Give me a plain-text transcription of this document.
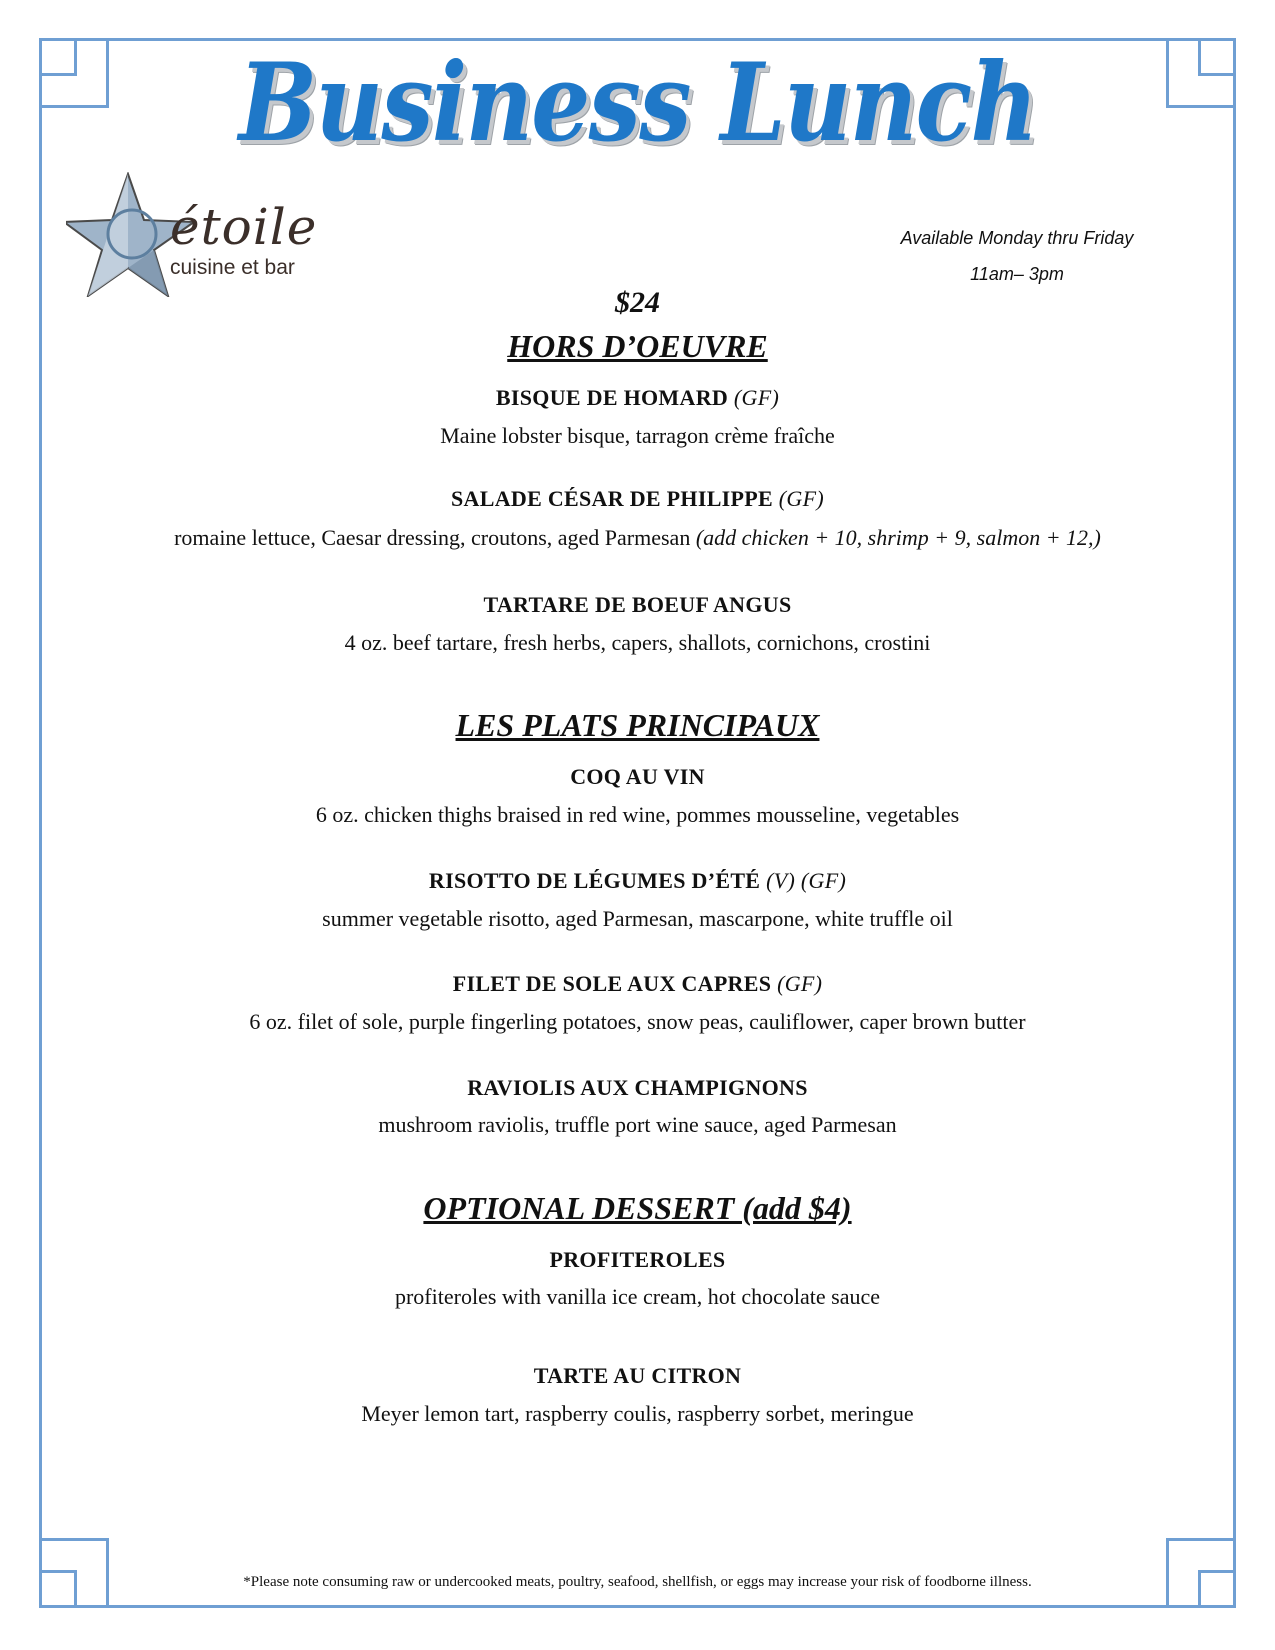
Business Lunch
étoile
cuisine et bar
Available Monday thru Friday
11am– 3pm
$24
HORS D’OEUVRE
BISQUE DE HOMARD (GF)
Maine lobster bisque, tarragon crème fraîche
SALADE CÉSAR DE PHILIPPE (GF)
romaine lettuce, Caesar dressing, croutons, aged Parmesan (add chicken + 10, shrimp + 9, salmon + 12,)
TARTARE DE BOEUF ANGUS
4 oz. beef tartare, fresh herbs, capers, shallots, cornichons, crostini
LES PLATS PRINCIPAUX
COQ AU VIN
6 oz. chicken thighs braised in red wine, pommes mousseline, vegetables
RISOTTO DE LÉGUMES D’ÉTÉ (V) (GF)
summer vegetable risotto, aged Parmesan, mascarpone, white truffle oil
FILET DE SOLE AUX CAPRES (GF)
6 oz. filet of sole, purple fingerling potatoes, snow peas, cauliflower, caper brown butter
RAVIOLIS AUX CHAMPIGNONS
mushroom raviolis, truffle port wine sauce, aged Parmesan
OPTIONAL DESSERT (add $4)
PROFITEROLES
profiteroles with vanilla ice cream, hot chocolate sauce
TARTE AU CITRON
Meyer lemon tart, raspberry coulis, raspberry sorbet, meringue
*Please note consuming raw or undercooked meats, poultry, seafood, shellfish, or eggs may increase your risk of foodborne illness.
